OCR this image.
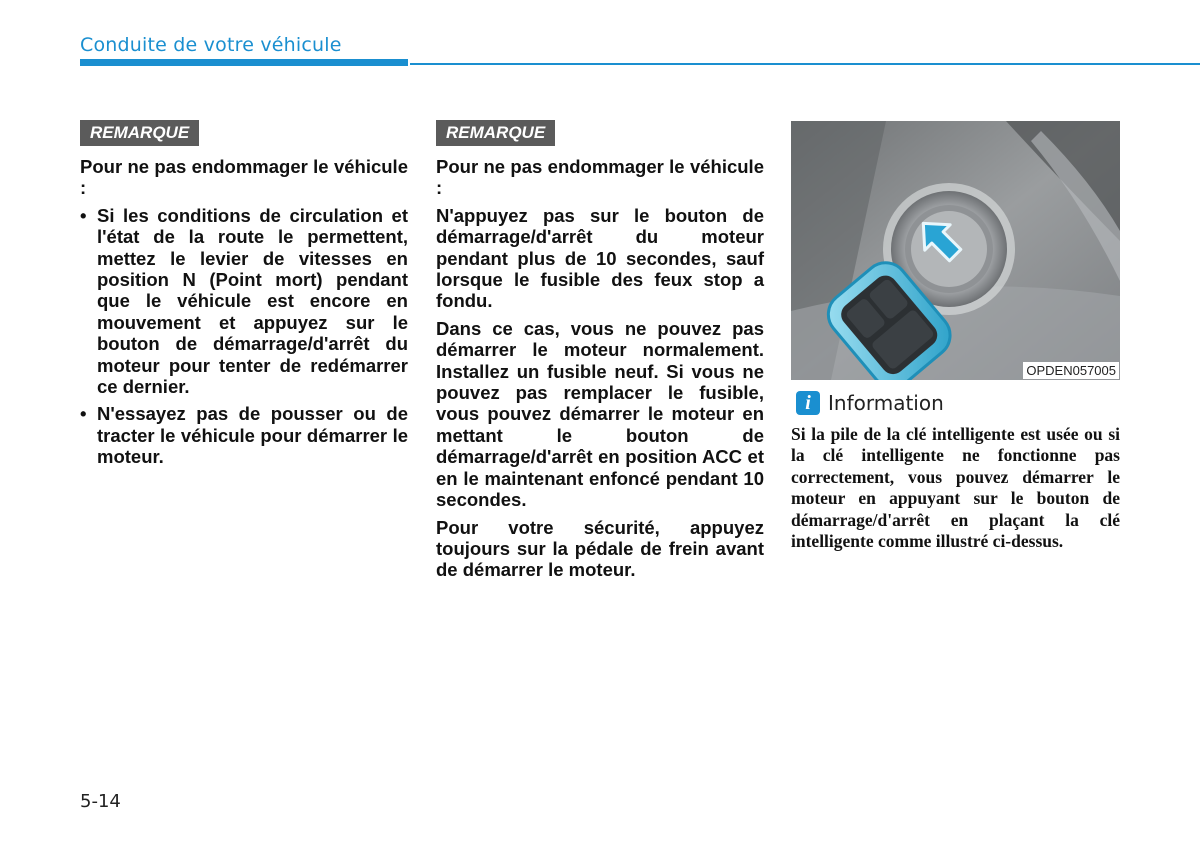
Conduite de votre véhicule
REMARQUE

Pour ne pas endommager le véhicule :

• Si les conditions de circulation et l'état de la route le permettent, mettez le levier de vitesses en position N (Point mort) pendant que le véhicule est encore en mouvement et appuyez sur le bouton de démarrage/d'arrêt du moteur pour tenter de redémarrer ce dernier.
• N'essayez pas de pousser ou de tracter le véhicule pour démarrer le moteur.
REMARQUE

Pour ne pas endommager le véhicule :

N'appuyez pas sur le bouton de démarrage/d'arrêt du moteur pendant plus de 10 secondes, sauf lorsque le fusible des feux stop a fondu.

Dans ce cas, vous ne pouvez pas démarrer le moteur normalement. Installez un fusible neuf. Si vous ne pouvez pas remplacer le fusible, vous pouvez démarrer le moteur en mettant le bouton de démarrage/d'arrêt en position ACC et en le maintenant enfoncé pendant 10 secondes.

Pour votre sécurité, appuyez toujours sur la pédale de frein avant de démarrer le moteur.

OPDEN057005
i Information
Si la pile de la clé intelligente est usée ou si la clé intelligente ne fonctionne pas correctement, vous pouvez démarrer le moteur en appuyant sur le bouton de démarrage/d'arrêt en plaçant la clé intelligente comme illustré ci-dessus.
5-14
